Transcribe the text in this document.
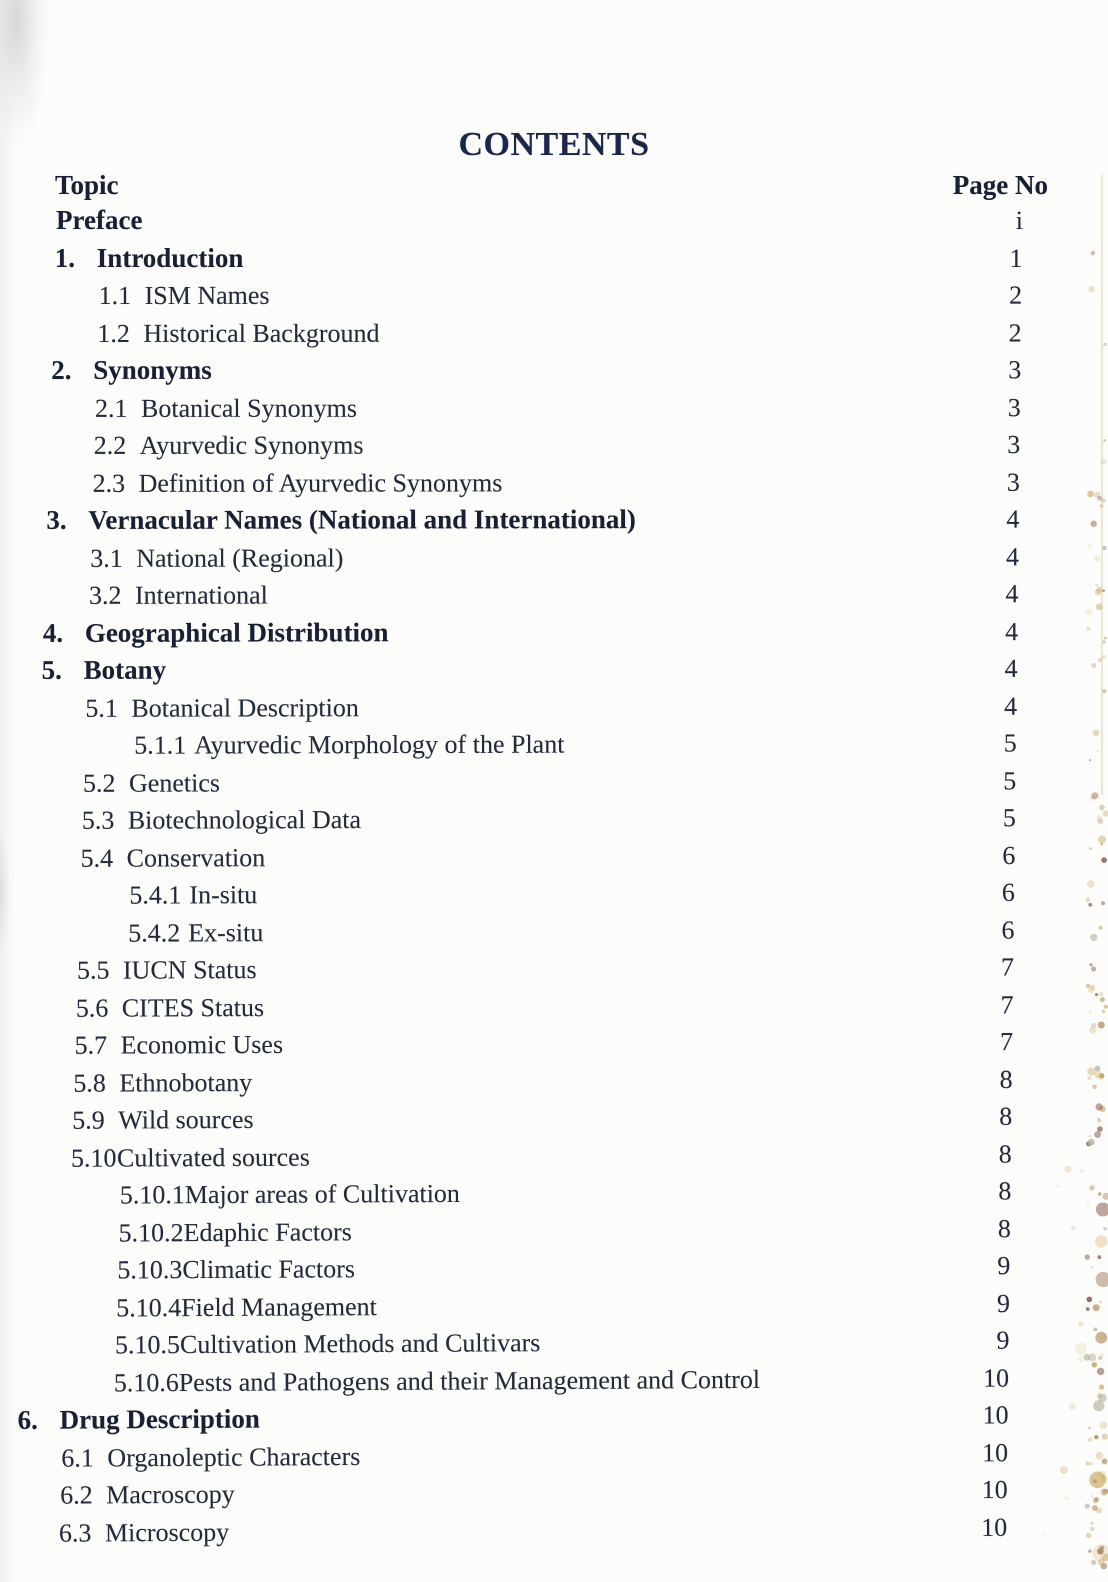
CONTENTS
Topic	Page No
Preface	i
1. Introduction	1
1.1 ISM Names	2
1.2 Historical Background	2
2. Synonyms	3
2.1 Botanical Synonyms	3
2.2 Ayurvedic Synonyms	3
2.3 Definition of Ayurvedic Synonyms	3
3. Vernacular Names (National and International)	4
3.1 National (Regional)	4
3.2 International	4
4. Geographical Distribution	4
5. Botany	4
5.1 Botanical Description	4
5.1.1 Ayurvedic Morphology of the Plant	5
5.2 Genetics	5
5.3 Biotechnological Data	5
5.4 Conservation	6
5.4.1 In-situ	6
5.4.2 Ex-situ	6
5.5 IUCN Status	7
5.6 CITES Status	7
5.7 Economic Uses	7
5.8 Ethnobotany	8
5.9 Wild sources	8
5.10 Cultivated sources	8
5.10.1 Major areas of Cultivation	8
5.10.2 Edaphic Factors	8
5.10.3 Climatic Factors	9
5.10.4 Field Management	9
5.10.5 Cultivation Methods and Cultivars	9
5.10.6 Pests and Pathogens and their Management and Control	10
6. Drug Description	10
6.1 Organoleptic Characters	10
6.2 Macroscopy	10
6.3 Microscopy	10
